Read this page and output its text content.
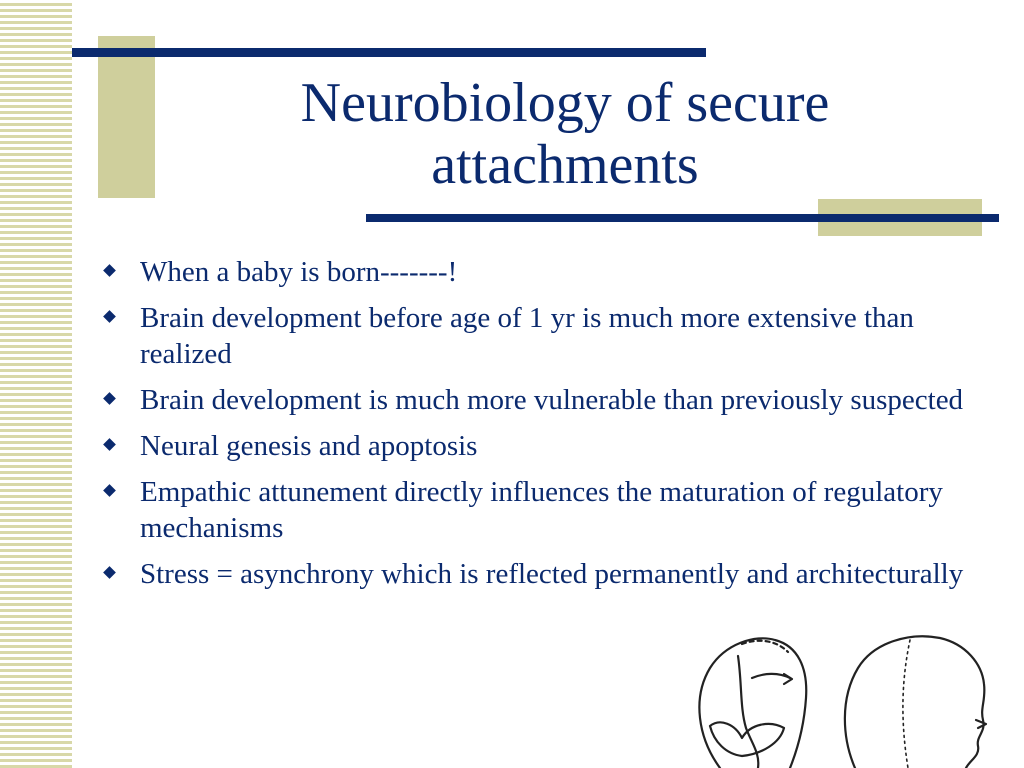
Neurobiology of secure attachments
When a baby is born-------!
Brain development before age of 1 yr is much more extensive than realized
Brain development is much more vulnerable than previously suspected
Neural genesis and apoptosis
Empathic attunement directly influences the maturation of regulatory mechanisms
Stress = asynchrony which is reflected permanently and architecturally
